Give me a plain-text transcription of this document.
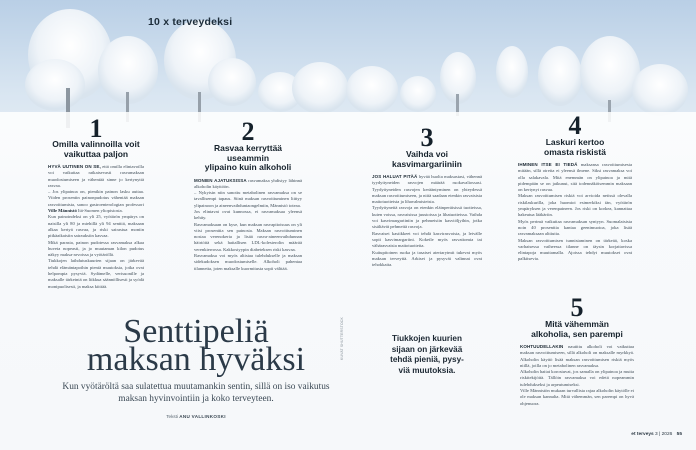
10 x terveydeksi
1
Omilla valinnoilla voit
vaikuttaa paljon

HYVÄ UUTINEN ON SE, että omilla elintavoilla voi vaikuttaa ratkaisevasti rasvamaksan muodostumiseen ja vähentää sinne jo kertynyttä rasvaa.

– Jos ylipainoa on, pienikin painon lasku auttaa. Viiden prosentin painonpudotus vähentää maksan rasvoittumista, sanoo gastroenterologian professori Ville Männistö Itä-Suomen yliopistosta.

Kun painoindeksi on yli 25, vyötärön ympärys on naisilla yli 80 ja miehillä yli 94 senttiä, maksaan alkaa kertyä rasvaa, ja riski sairastua moniin pitkäaikaisiin sairauksiin kasvaa.

Mikä parasta, painon pudotessa rasvamaksa alkaa huveta nopeasti, ja jo muutaman kilon pudotus näkyy maksa-arvoissa ja vyötäröllä.

Tiukkojen laihdutuskuurien sijaan on järkevää tehdä elämäntapoihin pieniä muutoksia, jotka ovat helpompia pysyviä. Sydämelle, verisuonille ja maksalle tärkeintä on liikkua säännöllisesti ja syödä monipuolisesti, ja maksa kiittää.

2
Rasvaa kerryttää useammin
ylipaino kuin alkoholi

MONIEN AJATUKSISSA rasvamaksa yhdistyy lähinnä alkoholin käyttöön.

– Nykyisin niin sanottu metabolinen rasvamaksa on se tavallisempi tapaus. Siinä maksan rasvoittuminen liittyy ylipainoon ja aineenvaihduntaongelmiin, Männistö toteaa.

Jos elintavat ovat kunnossa, ei rasvamaksaa yleensä kehity.

Rasvamaksaan on kyse, kun maksan rasvapitoisuus on yli viisi prosenttia sen painosta. Maksan rasvoittuminen nostaa verenokeria ja lisää rasva-aineenvaihdunnan häiriöitä sekä haitallisen LDL-kolesterolin määrää verenkierrossa. Kakkostyypin diabeteksen riski kasvaa.

Rasvamaksa voi myös altistaa tulehdukselle ja maksan sidekudoksen muodostumiselle. Alkoholi pahentaa tilannetta, joten maksalle kuormitusta sopii välttää.

3
Vaihda voi
kasvimargariiniin

JOS HALUAT PITÄÄ hyvää huolta maksastasi, vähennä tyydyttyneiden rasvojen määrää ruokavaliossasi. Tyydyttyneiden rasvojen kerääntyminen on yhteydessä maksan rasvoittumiseen, ja niitä saadaan etenkin rasvaisista maitotuotteista ja lihavalmisteista.

Tyydyttyneitä rasvoja on etenkin eläinperäisissä tuotteissa, kuten voissa, rasvaisissa juustoissa ja lihatuotteissa. Vaihda voi kasvimargariiniin ja pehmeisiin kasviöljyihin, jotka sisältävät pehmeitä rasvoja.

Rasvaiset kastikkeet voi tehdä kasvirasvoista, ja leivälle sopii kasvimargariini. Kokeile myös rasvattomia tai vähärasvaisia maitotuotteita.

Kuitupitoinen ruoka ja tasaiset ateriarytmit tukevat myös maksan terveyttä. Arkiset ja pysyvät valinnat ovat tehokkaita.

4
Laskuri kertoo
omasta riskistä

IHMINEN ITSE EI TIEDÄ maksansa rasvoittumisesta mitään, sillä oireita ei yleensä ilmene. Siksi rasvamaksa voi olla salakavala. Mitä enemmän on ylipainoa ja mitä pidempään se on jatkunut, sitä todennäköisemmin maksaan on kertynyt rasvaa.

Maksan rasvoittumisen riskiä voi arvioida netissä olevalla riskilaskurilla, joka huomioi esimerkiksi iän, vyötärön ympäryksen ja verenpaineen. Jos riski on korkea, kannattaa hakeutua lääkäriin.

Myös perimä vaikuttaa rasvamaksan syntyyn. Suomalaisista noin 40 prosenttia kantaa geenimuotoa, joka lisää rasvamaksaan alttiutta.

Maksan rasvoittumisen tunnistaminen on tärkeää, koska varhaisessa vaiheessa tilanne on täysin korjattavissa elintapoja muuttamalla. Ajoissa tehdyt muutokset ovat palkitsevia.

5
Mitä vähemmän
alkoholia, sen parempi

KOHTUUDELLAKIN nautittu alkoholi voi vaikuttaa maksan rasvoittumiseen, sillä alkoholi on maksalle myrkkyä. Alkoholin käyttö lisää maksan rasvoittumisen riskiä myös niillä, joilla on jo metabolinen rasvamaksa.

Alkoholin haitat korostuvat, jos samalla on ylipainoa ja muita riskitekijöitä. Tällöin rasvamaksa voi edetä nopeammin tulehdukseksi ja arpeutumiseksi.

Ville Männistön mukaan turvallista rajaa alkoholin käytölle ei ole maksan kannalta. Mitä vähemmän, sen parempi on hyvä ohjenuora.

Senttipeliä
maksan hyväksi
Kun vyötäröltä saa sulatettua muutamankin sentin, sillä on iso vaikutus maksan hyvinvointiin ja koko terveyteen.
Teksti ANU VALLINKOSKI
KUVAT SHUTTERSTOCK	Tiukkojen kuurien
sijaan on järkevää
tehdä pieniä, pysy-
viä muutoksia.
et terveys 3 | 2026 55
